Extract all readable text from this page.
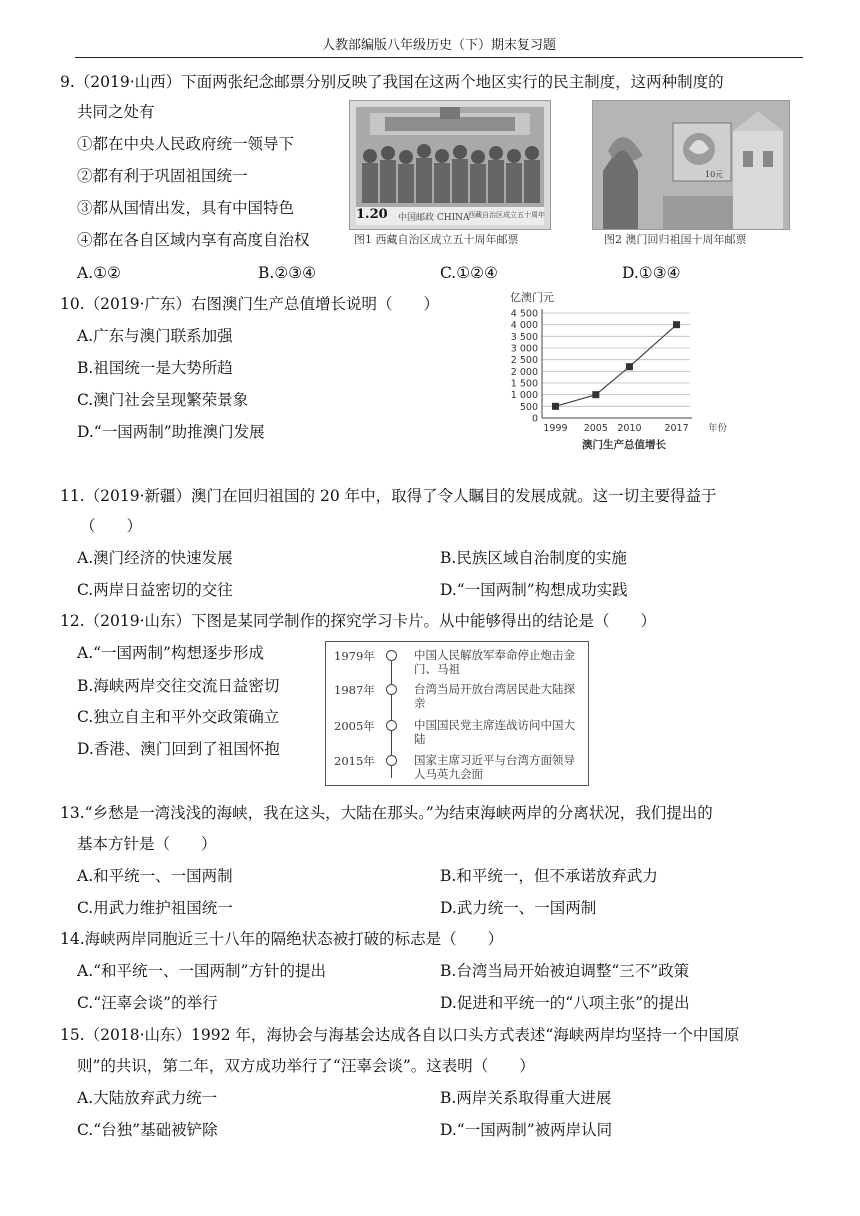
人教部编版八年级历史（下）期末复习题
9.（2019·山西）下面两张纪念邮票分别反映了我国在这两个地区实行的民主制度，这两种制度的
共同之处有
①都在中央人民政府统一领导下
②都有利于巩固祖国统一
③都从国情出发，具有中国特色
④都在各自区域内享有高度自治权
A.①②	B.②③④	C.①②④	D.①③④
1.20 中国邮政 CHINA
西藏自治区成立五十周年
图1 西藏自治区成立五十周年邮票
10元
图2 澳门回归祖国十周年邮票
10.（2019·广东）右图澳门生产总值增长说明（　　）
A.广东与澳门联系加强
B.祖国统一是大势所趋
C.澳门社会呈现繁荣景象
D.“一国两制”助推澳门发展
亿澳门元
4 500
4 000
3 500
3 000
2 500
2 000
1 500
1 000
500
0
1999 2005 2010 2017 年份
澳门生产总值增长
11.（2019·新疆）澳门在回归祖国的 20 年中，取得了令人瞩目的发展成就。这一切主要得益于
（　　）
A.澳门经济的快速发展	B.民族区域自治制度的实施
C.两岸日益密切的交往	D.“一国两制”构想成功实践
12.（2019·山东）下图是某同学制作的探究学习卡片。从中能够得出的结论是（　　）
A.“一国两制”构想逐步形成
B.海峡两岸交往交流日益密切
C.独立自主和平外交政策确立
D.香港、澳门回到了祖国怀抱
1979年	中国人民解放军奉命停止炮击金门、马祖
1987年	台湾当局开放台湾居民赴大陆探亲
2005年	中国国民党主席连战访问中国大陆
2015年	国家主席习近平与台湾方面领导人马英九会面
13.“乡愁是一湾浅浅的海峡，我在这头，大陆在那头。”为结束海峡两岸的分离状况，我们提出的
基本方针是（　　）
A.和平统一、一国两制	B.和平统一，但不承诺放弃武力
C.用武力维护祖国统一	D.武力统一、一国两制
14.海峡两岸同胞近三十八年的隔绝状态被打破的标志是（　　）
A.“和平统一、一国两制”方针的提出	B.台湾当局开始被迫调整“三不”政策
C.“汪辜会谈”的举行	D.促进和平统一的“八项主张”的提出
15.（2018·山东）1992 年，海协会与海基会达成各自以口头方式表述“海峡两岸均坚持一个中国原
则”的共识，第二年，双方成功举行了“汪辜会谈”。这表明（　　）
A.大陆放弃武力统一	B.两岸关系取得重大进展
C.“台独”基础被铲除	D.“一国两制”被两岸认同
